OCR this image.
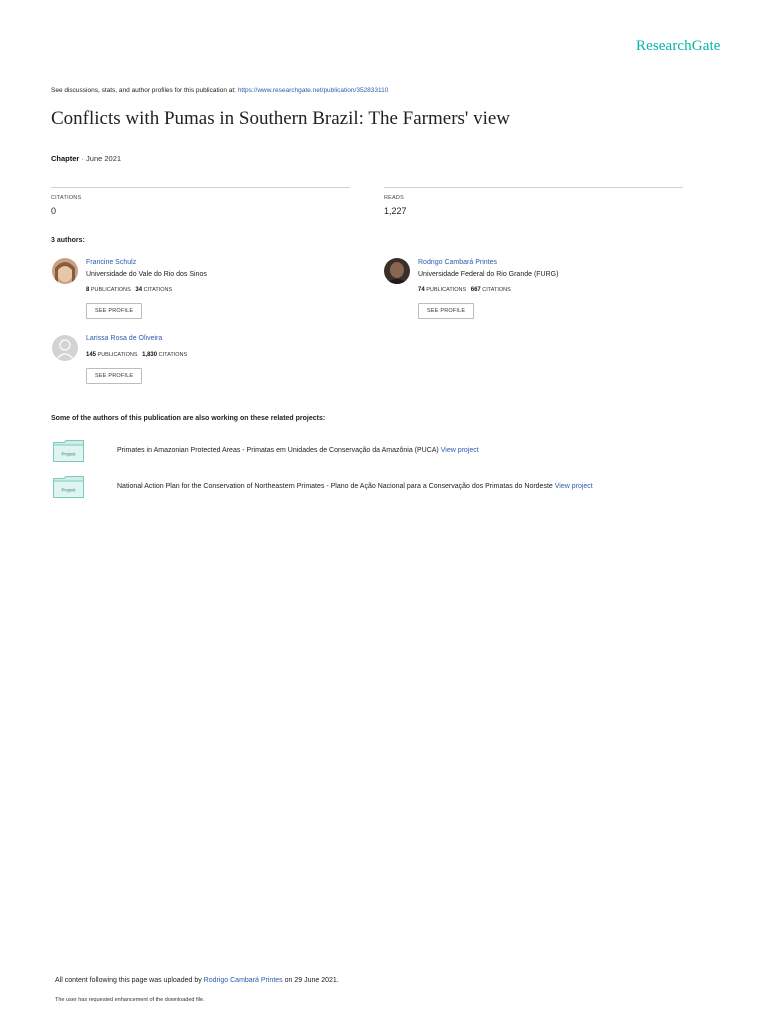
ResearchGate
See discussions, stats, and author profiles for this publication at: https://www.researchgate.net/publication/352833110
Conflicts with Pumas in Southern Brazil: The Farmers' view
Chapter · June 2021
CITATIONS
0
READS
1,227
3 authors:
Francine Schulz
Universidade do Vale do Rio dos Sinos
8 PUBLICATIONS 34 CITATIONS
SEE PROFILE
Rodrigo Cambará Printes
Universidade Federal do Rio Grande (FURG)
74 PUBLICATIONS 667 CITATIONS
SEE PROFILE
Larissa Rosa de Oliveira
145 PUBLICATIONS 1,830 CITATIONS
SEE PROFILE
Some of the authors of this publication are also working on these related projects:
Project	Primates in Amazonian Protected Areas - Primatas em Unidades de Conservação da Amazônia (PUCA) View project
Project	National Action Plan for the Conservation of Northeastern Primates - Plano de Ação Nacional para a Conservação dos Primatas do Nordeste View project
All content following this page was uploaded by Rodrigo Cambará Printes on 29 June 2021.
The user has requested enhancement of the downloaded file.
